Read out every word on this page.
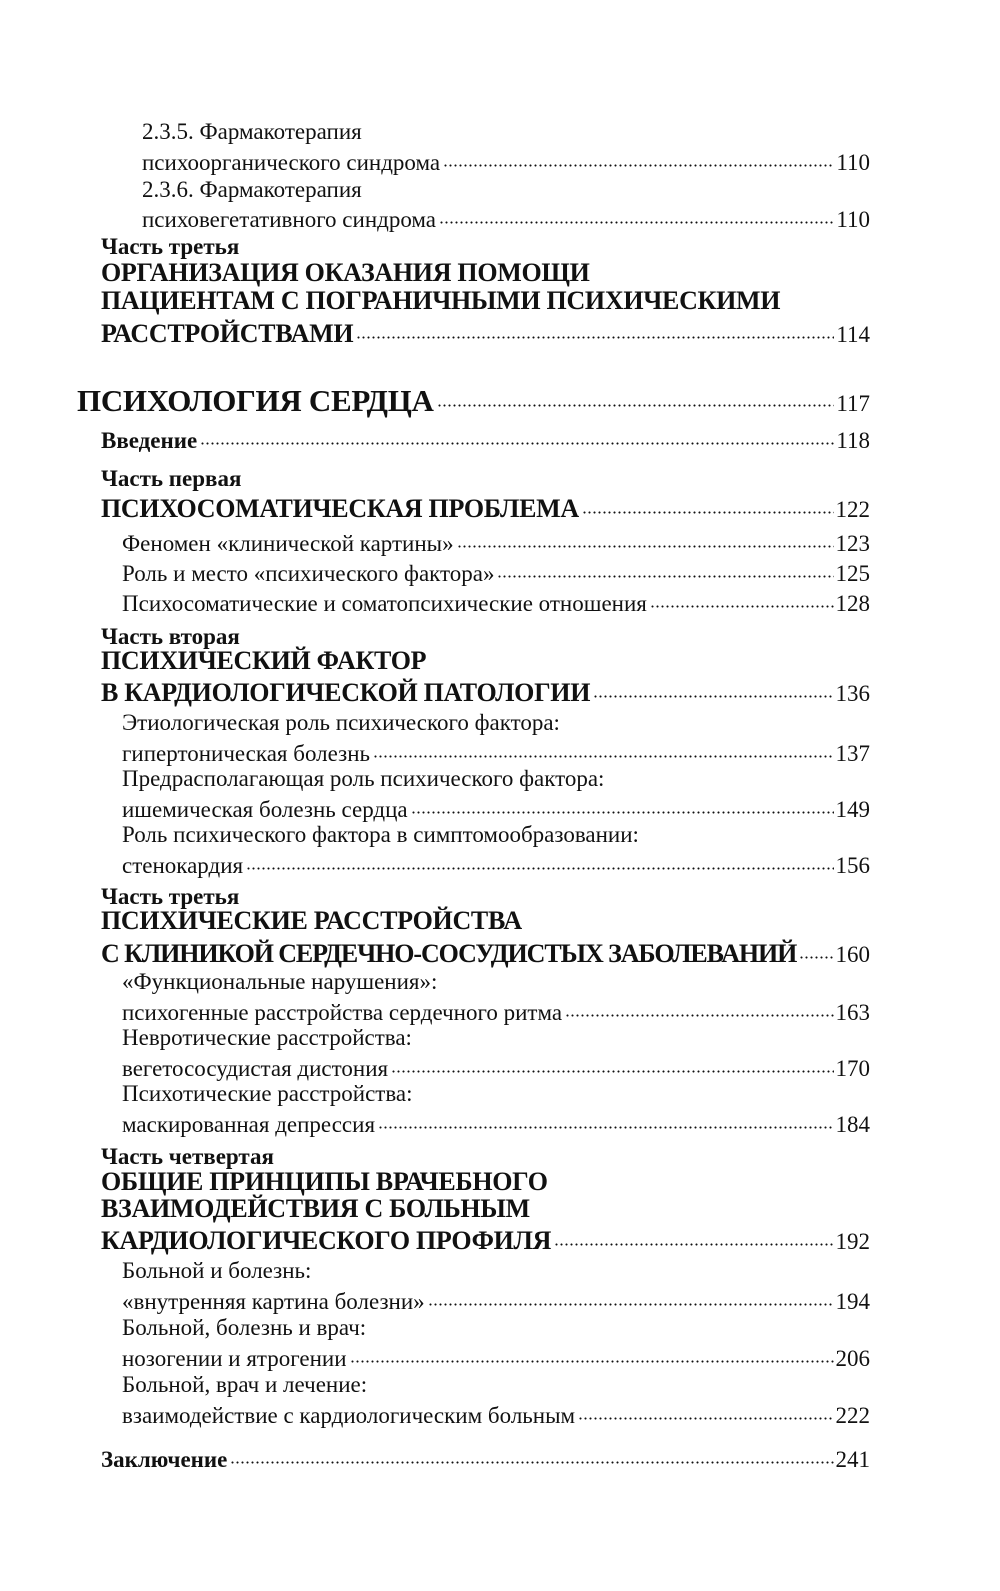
2.3.5. Фармакотерапия
психоорганического синдрома	110
2.3.6. Фармакотерапия
психовегетативного синдрома	110
Часть третья
ОРГАНИЗАЦИЯ ОКАЗАНИЯ ПОМОЩИ
ПАЦИЕНТАМ С ПОГРАНИЧНЫМИ ПСИХИЧЕСКИМИ
РАССТРОЙСТВАМИ	114
ПСИХОЛОГИЯ СЕРДЦА	117
Введение	118
Часть первая
ПСИХОСОМАТИЧЕСКАЯ ПРОБЛЕМА	122
Феномен «клинической картины»	123
Роль и место «психического фактора»	125
Психосоматические и соматопсихические отношения	128
Часть вторая
ПСИХИЧЕСКИЙ ФАКТОР
В КАРДИОЛОГИЧЕСКОЙ ПАТОЛОГИИ	136
Этиологическая роль психического фактора:
гипертоническая болезнь	137
Предрасполагающая роль психического фактора:
ишемическая болезнь сердца	149
Роль психического фактора в симптомообразовании:
стенокардия	156
Часть третья
ПСИХИЧЕСКИЕ РАССТРОЙСТВА
С КЛИНИКОЙ СЕРДЕЧНО-СОСУДИСТЫХ ЗАБОЛЕВАНИЙ 160
«Функциональные нарушения»:
психогенные расстройства сердечного ритма	163
Невротические расстройства:
вегетососудистая дистония	170
Психотические расстройства:
маскированная депрессия	184
Часть четвертая
ОБЩИЕ ПРИНЦИПЫ ВРАЧЕБНОГО
ВЗАИМОДЕЙСТВИЯ С БОЛЬНЫМ
КАРДИОЛОГИЧЕСКОГО ПРОФИЛЯ	192
Больной и болезнь:
«внутренняя картина болезни»	194
Больной, болезнь и врач:
нозогении и ятрогении	206
Больной, врач и лечение:
взаимодействие с кардиологическим больным	222
Заключение	241
